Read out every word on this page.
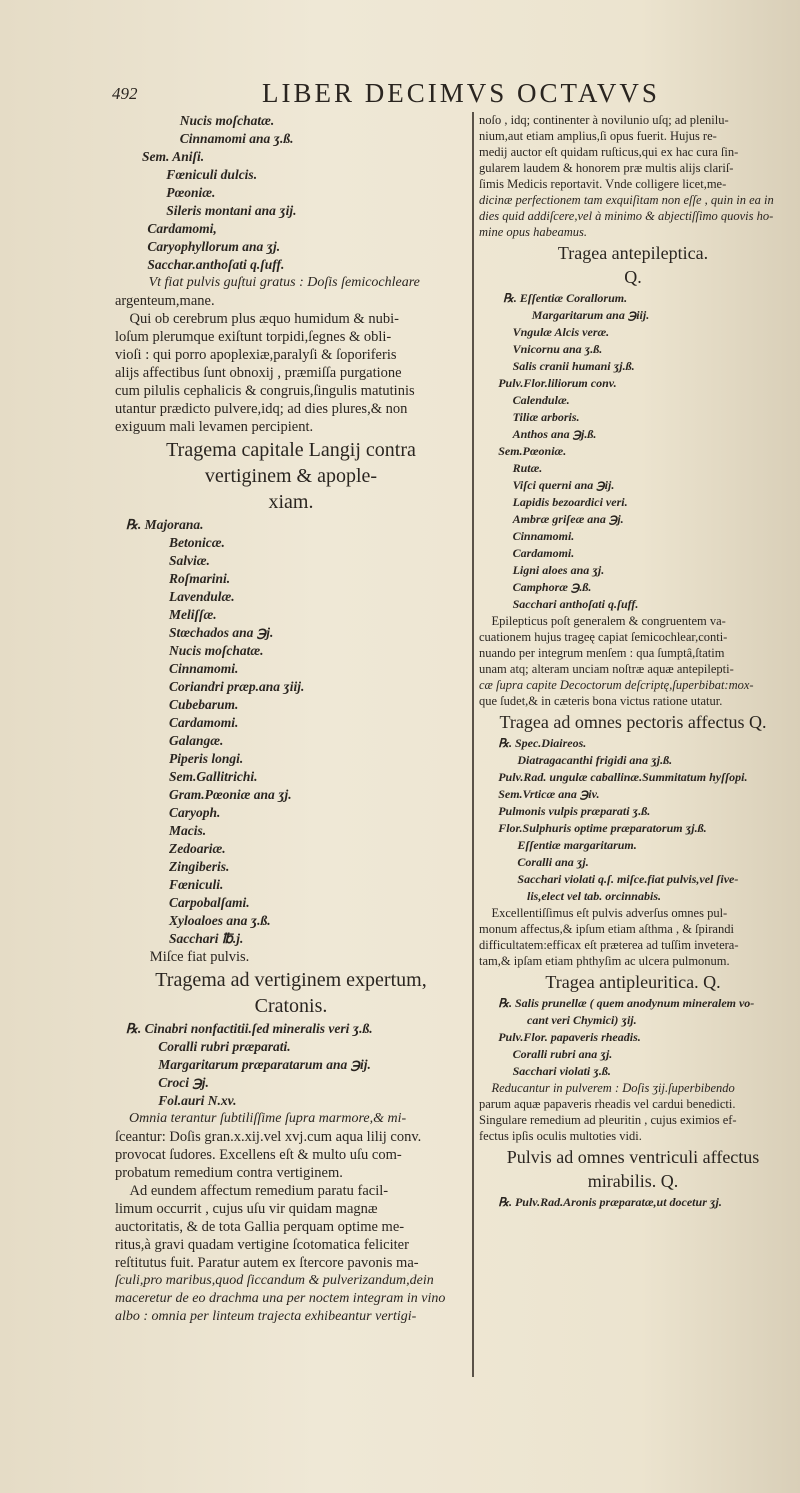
492	LIBER DECIMVS OCTAVVS

Nucis moſchatæ.

Cinnamomi ana ʒ.ß.

Sem. Aniſi.

Fœniculi dulcis.

Pœoniæ.

Sileris montani ana ʒij.

Cardamomi,

Caryophyllorum ana ʒj.

Sacchar.anthoſati q.ſuff.

Vt fiat pulvis guſtui gratus : Doſis ſemicochleare

argenteum,mane.

Qui ob cerebrum plus æquo humidum & nubi-

loſum plerumque exiſtunt torpidi,ſegnes & obli-

vioſi : qui porro apoplexiæ,paralyſi & ſoporiferis

alijs affectibus ſunt obnoxij , præmiſſa purgatione

cum pilulis cephalicis & congruis,ſingulis matutinis

utantur prædicto pulvere,idq; ad dies plures,& non

exiguum mali levamen percipient.

Tragema capitale Langij contra

vertiginem & apople-

xiam.

℞. Majorana.

Betonicæ.

Salviæ.

Roſmarini.

Lavendulæ.

Meliſſæ.

Stœchados ana ℈j.

Nucis moſchatæ.

Cinnamomi.

Coriandri præp.ana ʒiij.

Cubebarum.

Cardamomi.

Galangæ.

Piperis longi.

Sem.Gallitrichi.

Gram.Pœoniæ ana ʒj.

Caryoph.

Macis.

Zedoariæ.

Zingiberis.

Fœniculi.

Carpobalſami.

Xyloaloes ana ʒ.ß.

Sacchari ℔.j.

Miſce fiat pulvis.

Tragema ad vertiginem expertum,

Cratonis.

℞. Cinabri nonfactitii.ſed mineralis veri ʒ.ß.

Coralli rubri præparati.

Margaritarum præparatarum ana ℈ij.

Croci ℈j.

Fol.auri N.xv.

Omnia terantur ſubtiliſſime ſupra marmore,& mi-

ſceantur: Doſis gran.x.xij.vel xvj.cum aqua lilij conv.

provocat ſudores. Excellens eſt & multo uſu com-

probatum remedium contra vertiginem.

Ad eundem affectum remedium paratu facil-

limum occurrit , cujus uſu vir quidam magnæ

auctoritatis, & de tota Gallia perquam optime me-

ritus,à gravi quadam vertigine ſcotomatica feliciter

reſtitutus fuit. Paratur autem ex ſtercore pavonis ma-

ſculi,pro maribus,quod ſiccandum & pulverizandum,dein

maceretur de eo drachma una per noctem integram in vino

albo : omnia per linteum trajecta exhibeantur vertigi-

noſo , idq; continenter à novilunio uſq; ad plenilu-

nium,aut etiam amplius,ſi opus fuerit. Hujus re-

medij auctor eſt quidam ruſticus,qui ex hac cura ſin-

gularem laudem & honorem præ multis alijs clariſ-

ſimis Medicis reportavit. Vnde colligere licet,me-

dicinæ perfectionem tam exquiſitam non eſſe , quin in ea in

dies quid addiſcere,vel à minimo & abjectiſſimo quovis ho-

mine opus habeamus.

Tragea antepileptica.

Q.

℞. Eſſentiæ Corallorum.

Margaritarum ana ℈iij.

Vngulæ Alcis veræ.

Vnicornu ana ʒ.ß.

Salis cranii humani ʒj.ß.

Pulv.Flor.liliorum conv.

Calendulæ.

Tiliæ arboris.

Anthos ana ℈j.ß.

Sem.Pœoniæ.

Rutæ.

Viſci querni ana ℈ij.

Lapidis bezoardici veri.

Ambræ griſeæ ana ℈j.

Cinnamomi.

Cardamomi.

Ligni aloes ana ʒj.

Camphoræ ℈.ß.

Sacchari anthoſati q.ſuff.

Epilepticus poſt generalem & congruentem va-

cuationem hujus trageę capiat ſemicochlear,conti-

nuando per integrum menſem : qua ſumptâ,ſtatim

unam atq; alteram unciam noſtræ aquæ antepilepti-

cæ ſupra capite Decoctorum deſcriptę,ſuperbibat:mox-

que ſudet,& in cæteris bona victus ratione utatur.

Tragea ad omnes pectoris affectus Q.

℞. Spec.Diaireos.

Diatragacanthi frigidi ana ʒj.ß.

Pulv.Rad. ungulæ caballinæ.Summitatum hyſſopi.

Sem.Vrticæ ana ℈iv.

Pulmonis vulpis præparati ʒ.ß.

Flor.Sulphuris optime præparatorum ʒj.ß.

Eſſentiæ margaritarum.

Coralli ana ʒj.

Sacchari violati q.ſ. miſce.fiat pulvis,vel ſive-

lis,elect vel tab. orcinnabis.

Excellentiſſimus eſt pulvis adverſus omnes pul-

monum affectus,& ipſum etiam aſthma , & ſpirandi

difficultatem:efficax eſt præterea ad tuſſim invetera-

tam,& ipſam etiam phthyſim ac ulcera pulmonum.

Tragea antipleuritica. Q.

℞. Salis prunellæ ( quem anodynum mineralem vo-

cant veri Chymici) ʒij.

Pulv.Flor. papaveris rheadis.

Coralli rubri ana ʒj.

Sacchari violati ʒ.ß.

Reducantur in pulverem : Doſis ʒij.ſuperbibendo

parum aquæ papaveris rheadis vel cardui benedicti.

Singulare remedium ad pleuritin , cujus eximios ef-

fectus ipſis oculis multoties vidi.

Pulvis ad omnes ventriculi affectus

mirabilis. Q.

℞. Pulv.Rad.Aronis præparatæ,ut docetur ʒj.
